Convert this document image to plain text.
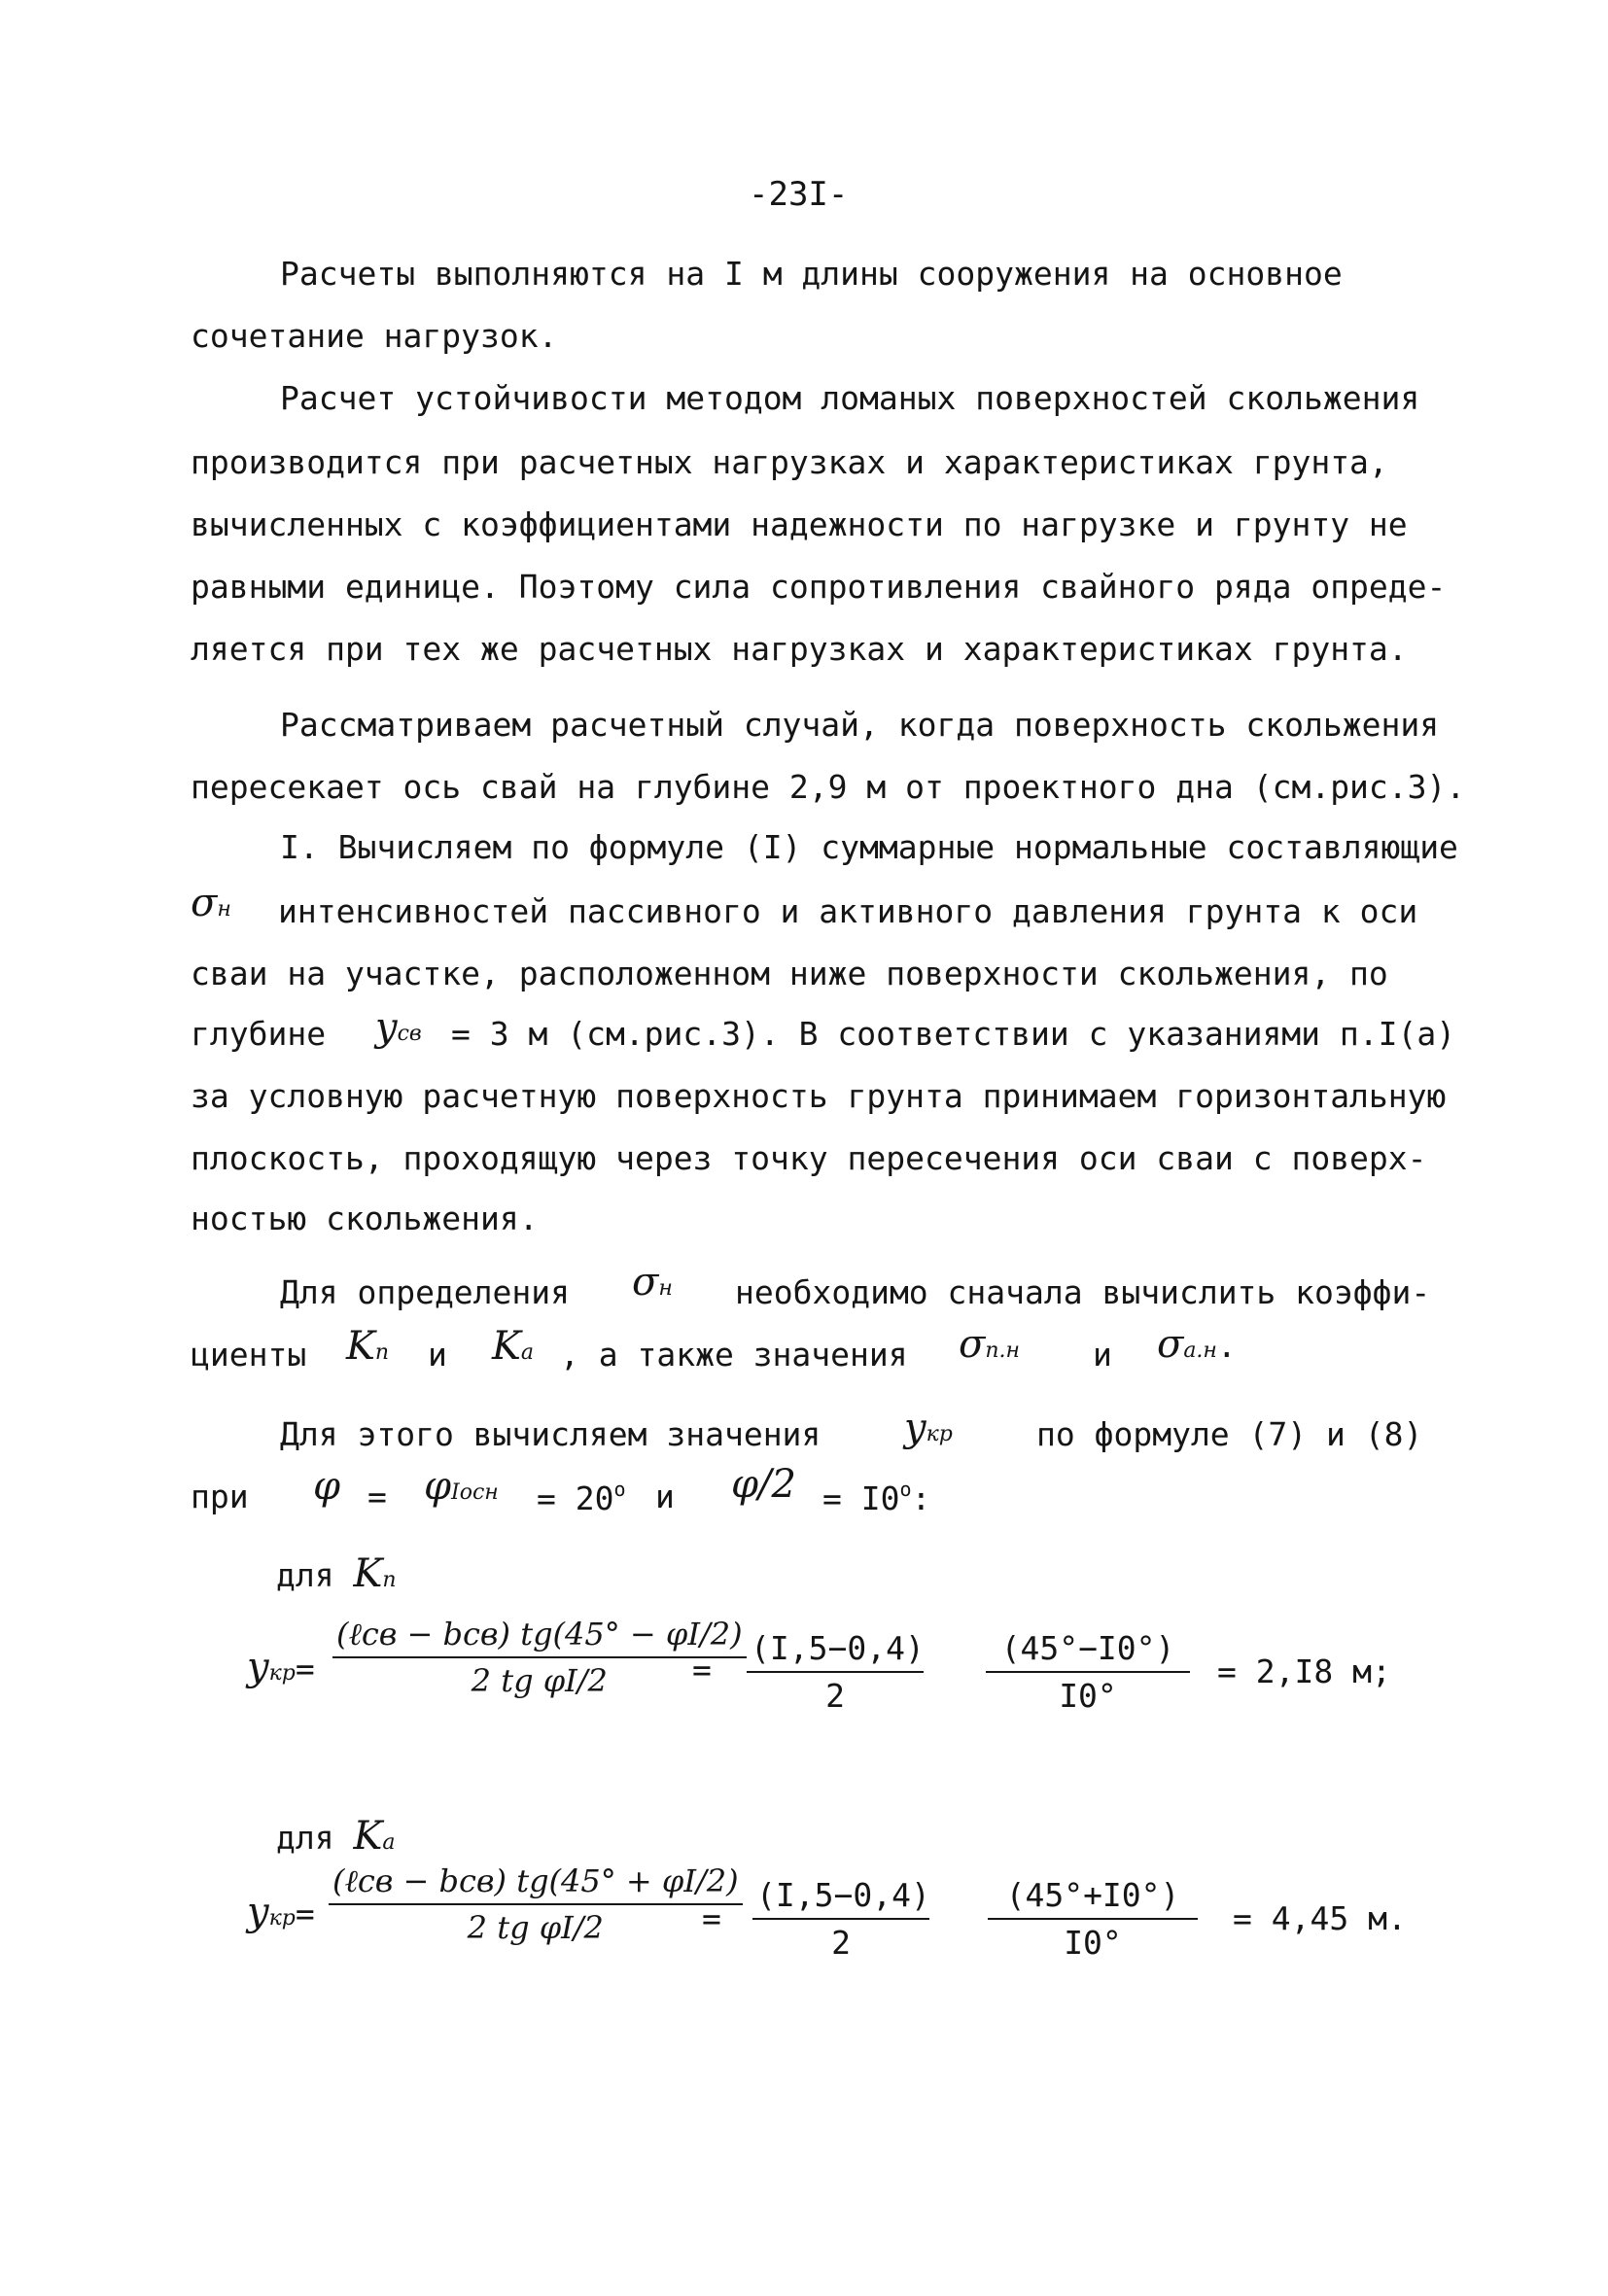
-23I-
Расчеты выполняются на I м длины сооружения на основное
сочетание нагрузок.
Расчет устойчивости методом ломаных поверхностей скольжения
производится при расчетных нагрузках и характеристиках грунта,
вычисленных с коэффициентами надежности по нагрузке и грунту не
равными единице. Поэтому сила сопротивления свайного ряда опреде-
ляется при тех же расчетных нагрузках и характеристиках грунта.
Рассматриваем расчетный случай, когда поверхность скольжения
пересекает ось свай на глубине 2,9 м от проектного дна (см.рис.3).
I. Вычисляем по формуле (I) суммарные нормальные составляющие
σн интенсивностей пассивного и активного давления грунта к оси
сваи на участке, расположенном ниже поверхности скольжения, по
глубине yсв = 3 м (см.рис.3). В соответствии с указаниями п.I(а)
за условную расчетную поверхность грунта принимаем горизонтальную
плоскость, проходящую через точку пересечения оси сваи с поверх-
ностью скольжения.
Для определения σн необходимо сначала вычислить коэффи-
циенты Kп и Kа , а также значения σп.н и σа.н.
Для этого вычисляем значения yкр	по формуле (7) и (8)
при φ = φIосн = $20^о$ и $\varphi/2 = I0^о$:
для Kп
yкр=
(ℓсв − bсв) tg(45° − φI/2)
2 tg φI/2	= $\frac{(I,5-0,4)}{2} \frac{(45^\circ-I0^\circ)}{I0^\circ} = 2,I8$ м;
для Kа
yкр=
(ℓсв − bсв) tg(45° + φI/2)
2 tg φI/2	= $\frac{(I,5-0,4)}{2} \frac{(45^\circ+I0^\circ)}{I0^\circ} = 4,45$ м.
